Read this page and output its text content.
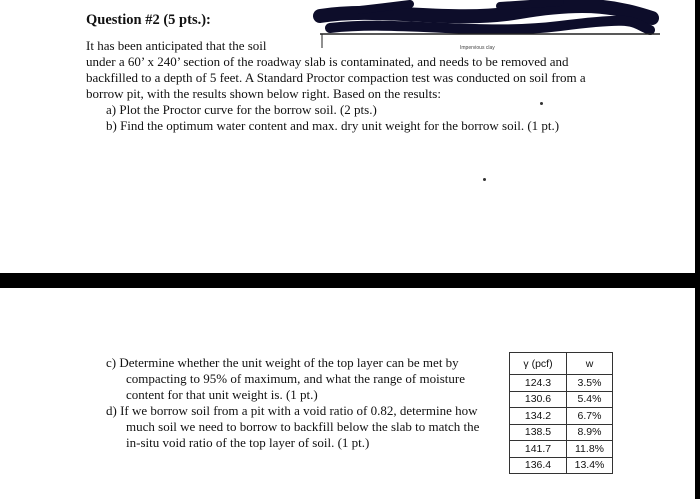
Impervious clay
Question #2 (5 pts.):
It has been anticipated that the soil
under a 60’ x 240’ section of the roadway slab is contaminated, and needs to be removed and
backfilled to a depth of 5 feet. A Standard Proctor compaction test was conducted on soil from a
borrow pit, with the results shown below right. Based on the results:
a) Plot the Proctor curve for the borrow soil. (2 pts.)
b) Find the optimum water content and max. dry unit weight for the borrow soil. (1 pt.)
c) Determine whether the unit weight of the top layer can be met by
compacting to 95% of maximum, and what the range of moisture
content for that unit weight is. (1 pt.)
d) If we borrow soil from a pit with a void ratio of 0.82, determine how
much soil we need to borrow to backfill below the slab to match the
in-situ void ratio of the top layer of soil. (1 pt.)
γ (pcf)	w
124.3	3.5%
130.6	5.4%
134.2	6.7%
138.5	8.9%
141.7	11.8%
136.4	13.4%
